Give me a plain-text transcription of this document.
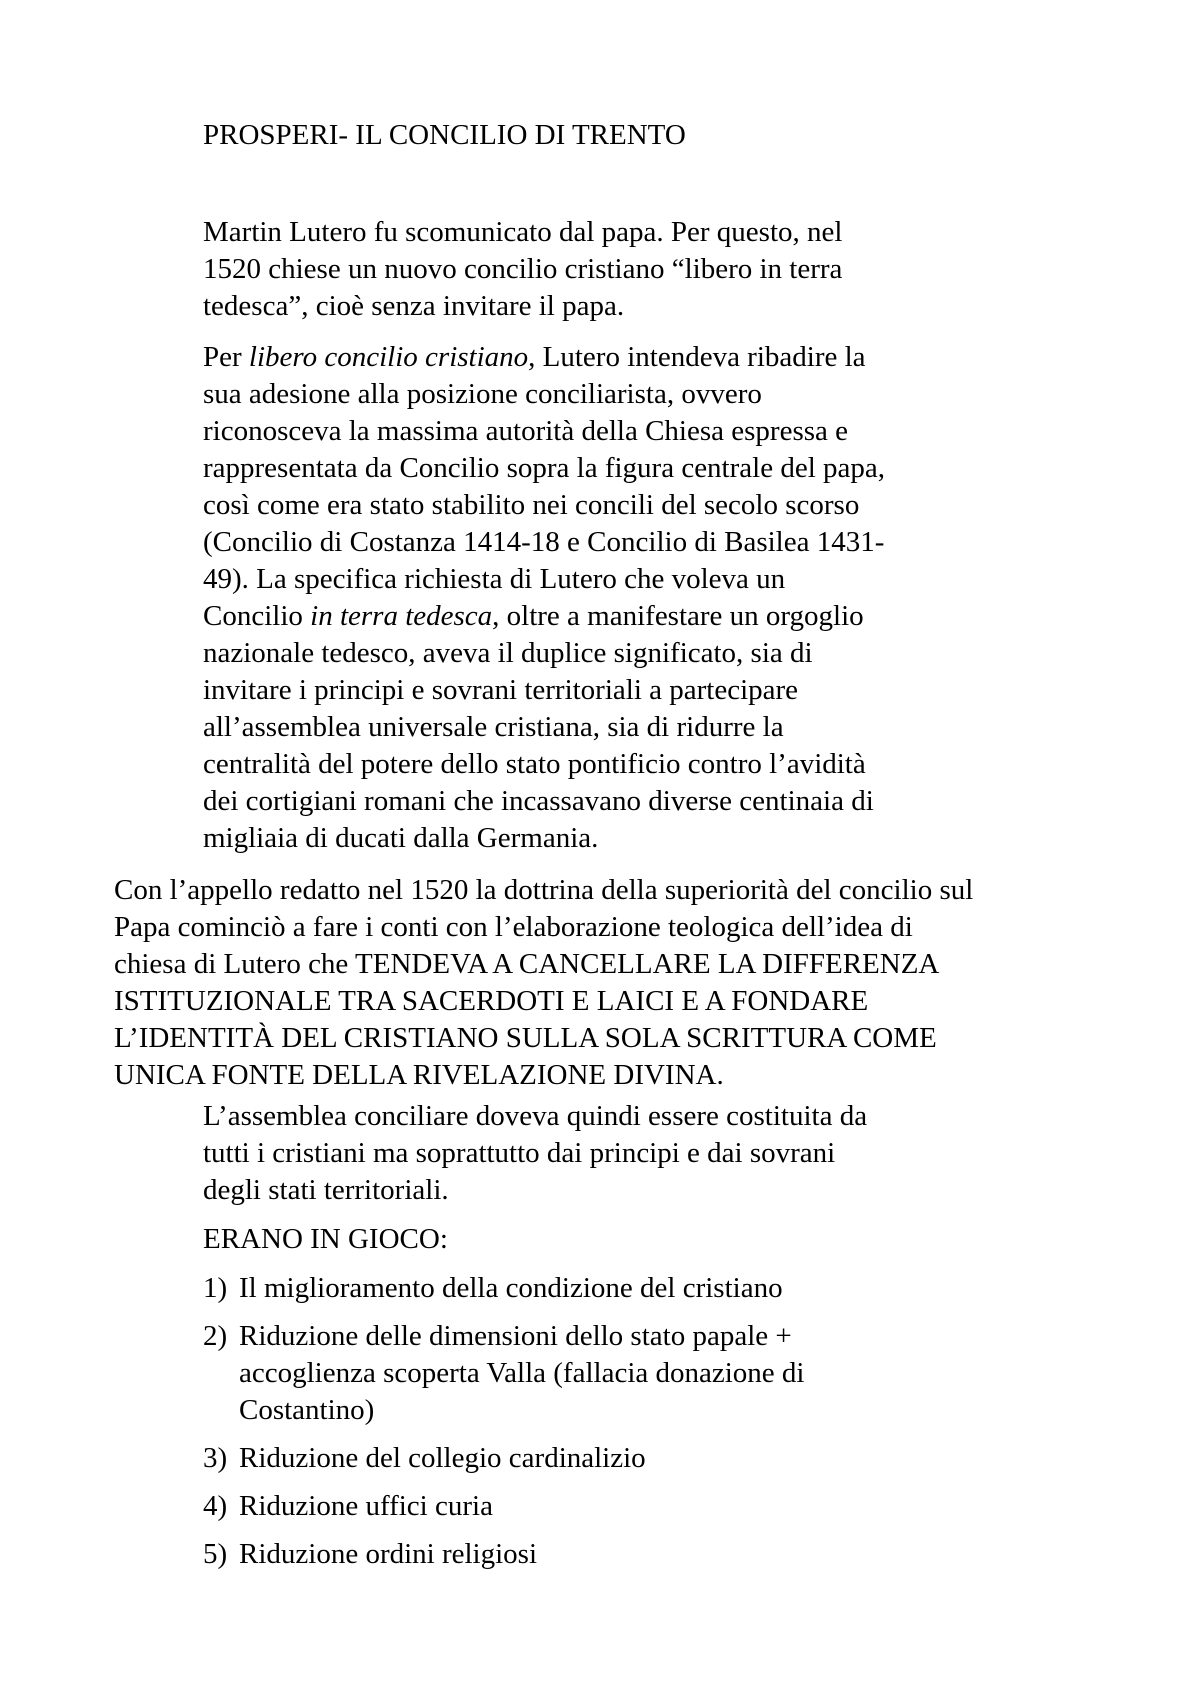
PROSPERI- IL CONCILIO DI TRENTO
Martin Lutero fu scomunicato dal papa. Per questo, nel
1520 chiese un nuovo concilio cristiano “libero in terra
tedesca”, cioè senza invitare il papa.
Per libero concilio cristiano, Lutero intendeva ribadire la
sua adesione alla posizione conciliarista, ovvero
riconosceva la massima autorità della Chiesa espressa e
rappresentata da Concilio sopra la figura centrale del papa,
così come era stato stabilito nei concili del secolo scorso
(Concilio di Costanza 1414-18 e Concilio di Basilea 1431-
49). La specifica richiesta di Lutero che voleva un
Concilio in terra tedesca, oltre a manifestare un orgoglio
nazionale tedesco, aveva il duplice significato, sia di
invitare i principi e sovrani territoriali a partecipare
all’assemblea universale cristiana, sia di ridurre la
centralità del potere dello stato pontificio contro l’avidità
dei cortigiani romani che incassavano diverse centinaia di
migliaia di ducati dalla Germania.
Con l’appello redatto nel 1520 la dottrina della superiorità del concilio sul
Papa cominciò a fare i conti con l’elaborazione teologica dell’idea di
chiesa di Lutero che TENDEVA A CANCELLARE LA DIFFERENZA
ISTITUZIONALE TRA SACERDOTI E LAICI E A FONDARE
L’IDENTITÀ DEL CRISTIANO SULLA SOLA SCRITTURA COME
UNICA FONTE DELLA RIVELAZIONE DIVINA.
L’assemblea conciliare doveva quindi essere costituita da
tutti i cristiani ma soprattutto dai principi e dai sovrani
degli stati territoriali.
ERANO IN GIOCO:
1) Il miglioramento della condizione del cristiano
2) Riduzione delle dimensioni dello stato papale +
accoglienza scoperta Valla (fallacia donazione di
Costantino)
3) Riduzione del collegio cardinalizio
4) Riduzione uffici curia
5) Riduzione ordini religiosi
